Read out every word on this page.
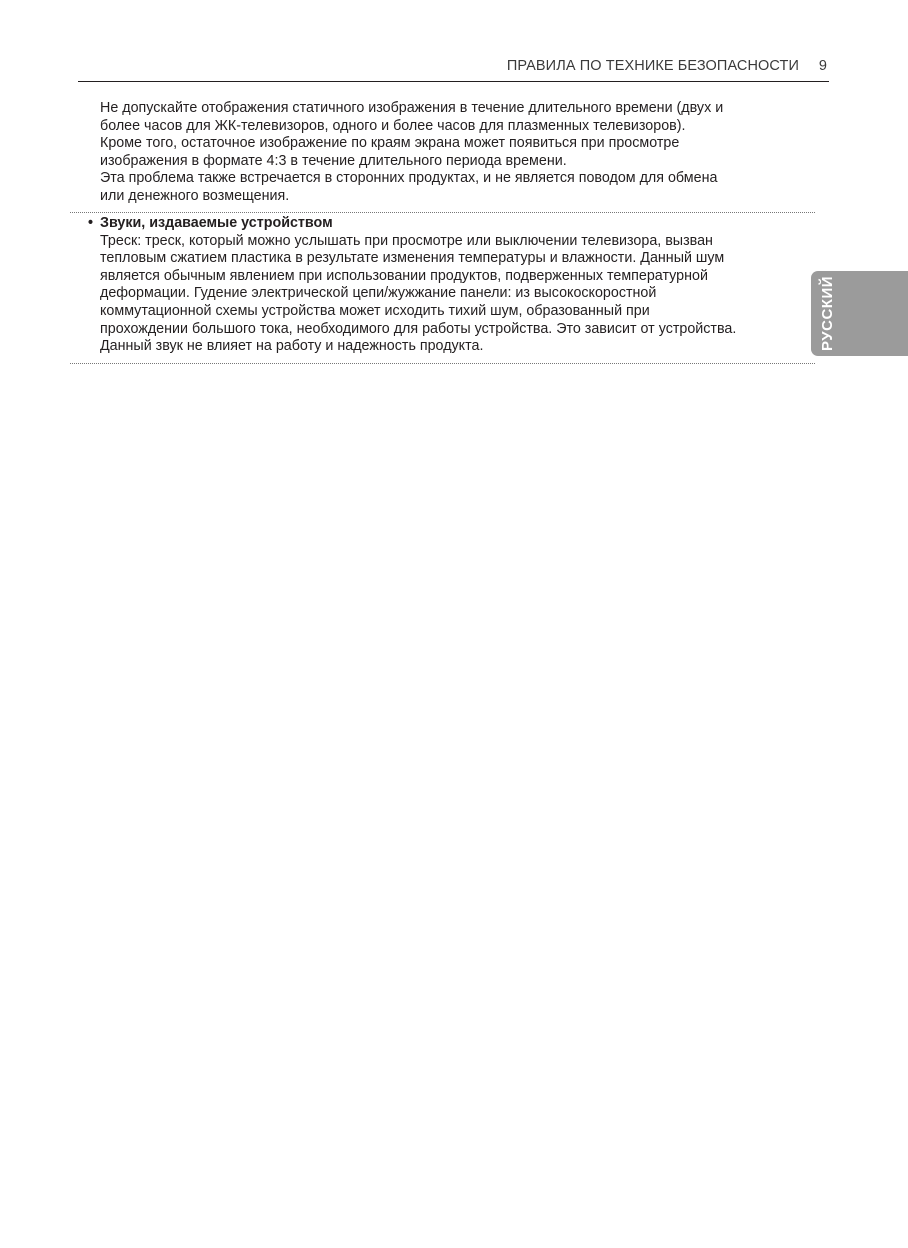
ПРАВИЛА ПО ТЕХНИКЕ БЕЗОПАСНОСТИ 9

Не допускайте отображения статичного изображения в течение длительного времени (двух и

более часов для ЖК-телевизоров, одного и более часов для плазменных телевизоров).

Кроме того, остаточное изображение по краям экрана может появиться при просмотре

изображения в формате 4:3 в течение длительного периода времени.

Эта проблема также встречается в сторонних продуктах, и не является поводом для обмена

или денежного возмещения.

• Звуки, издаваемые устройством

Треск: треск, который можно услышать при просмотре или выключении телевизора, вызван

тепловым сжатием пластика в результате изменения температуры и влажности. Данный шум

является обычным явлением при использовании продуктов, подверженных температурной

деформации. Гудение электрической цепи/жужжание панели: из высокоскоростной

коммутационной схемы устройства может исходить тихий шум, образованный при

прохождении большого тока, необходимого для работы устройства. Это зависит от устройства.

Данный звук не влияет на работу и надежность продукта.	РУССКИЙ
